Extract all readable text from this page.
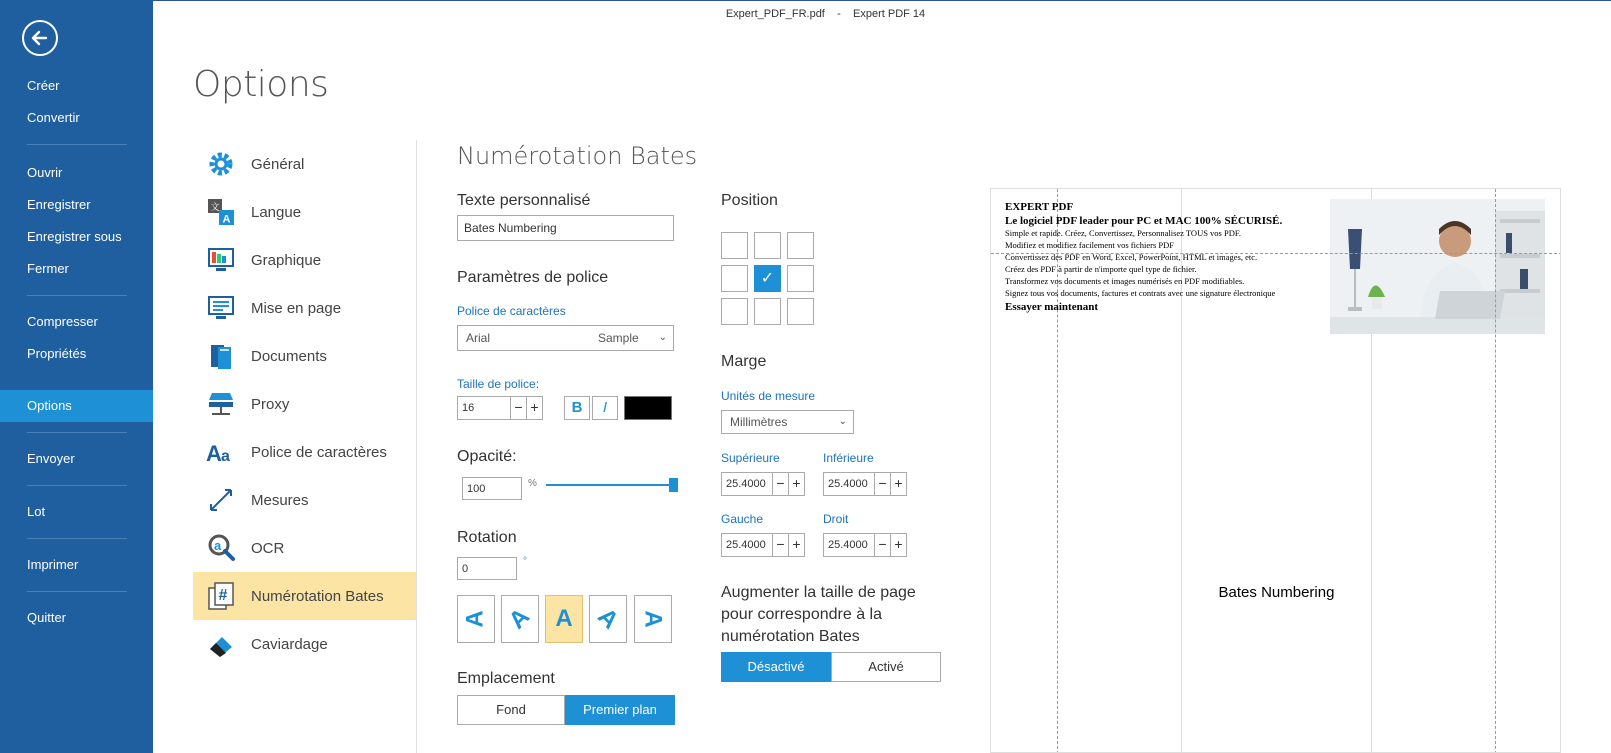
Créer
Convertir
Ouvrir
Enregistrer
Enregistrer sous
Fermer
Compresser
Propriétés
Options
Envoyer
Lot
Imprimer
Quitter
Expert_PDF_FR.pdf - Expert PDF 14
Options
Général
A
文 Langue
Graphique
Mise en page
Documents
Proxy
A a Police de caractères
Mesures
a OCR
# Numérotation Bates
Caviardage
Numérotation Bates
Texte personnalisé
Bates Numbering
Paramètres de police
Police de caractères
Arial	Sample ⌄
Taille de police:
16	− +	B	I
Opacité:
100	%
Rotation
0
°
A A A A A
Emplacement
Fond	Premier plan
Position
✓
Marge
Unités de mesure
Millimètres	⌄
Supérieure
25.4000 − +
Inférieure
25.4000 − +
Gauche
25.4000 − +
Droit
25.4000 − +
Augmenter la taille de page pour correspondre à la numérotation Bates
Désactivé	Activé
EXPERT PDF
Le logiciel PDF leader pour PC et MAC 100% SÉCURISÉ.
Simple et rapide. Créez, Convertissez, Personnalisez TOUS vos PDF.
Modifiez et modifiez facilement vos fichiers PDF
Convertissez des PDF en Word, Excel, PowerPoint, HTML et images, etc.
Créez des PDF à partir de n'importe quel type de fichier.
Transformez vos documents et images numérisés en PDF modifiables.
Signez tous vos documents, factures et contrats avec une signature électronique
Essayer maintenant
Bates Numbering
